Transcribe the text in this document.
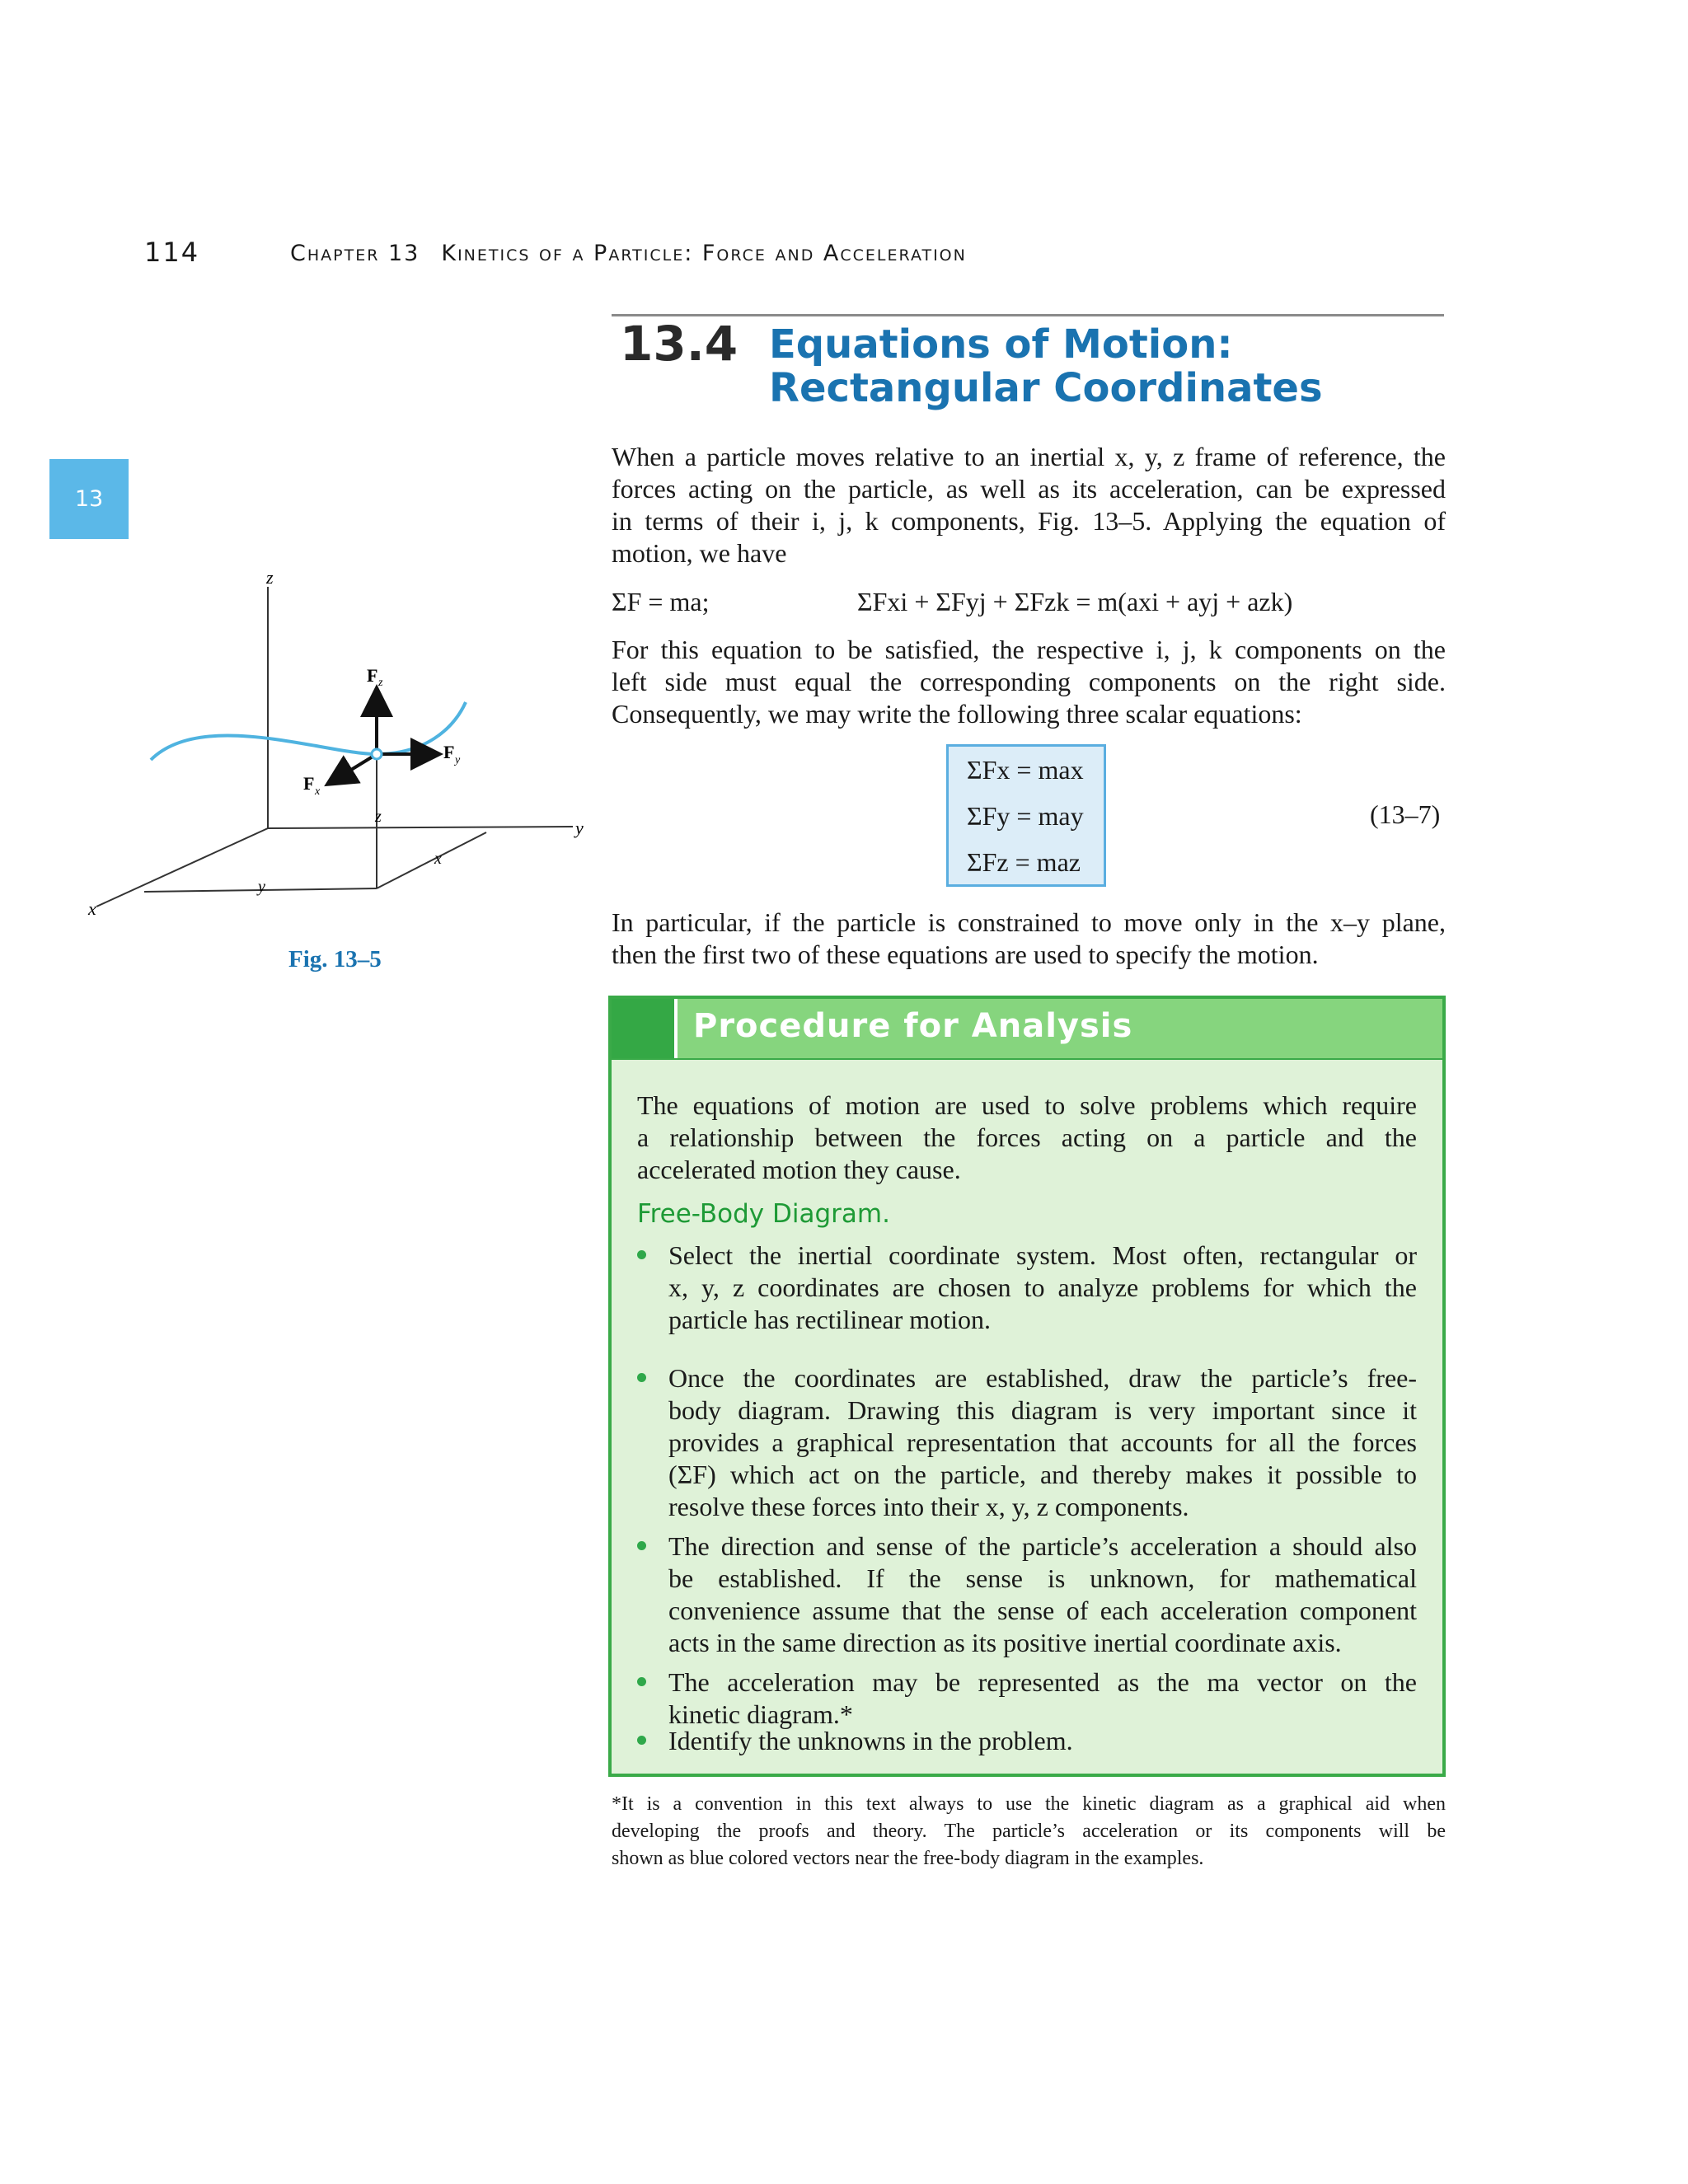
114	Chapter 13 Kinetics of a Particle: Force and Acceleration
13
13.4 Equations of Motion: Rectangular Coordinates
When a particle moves relative to an inertial x, y, z frame of reference, the
forces acting on the particle, as well as its acceleration, can be expressed
in terms of their i, j, k components, Fig. 13–5. Applying the equation of
motion, we have
ΣF = ma;	ΣFxi + ΣFyj + ΣFzk = m(axi + ayj + azk)
For this equation to be satisfied, the respective i, j, k components on the
left side must equal the corresponding components on the right side.
Consequently, we may write the following three scalar equations:
ΣFx = max
ΣFy = may
ΣFz = maz
(13–7)
In particular, if the particle is constrained to move only in the x–y plane,
then the first two of these equations are used to specify the motion.
z
y
x
z
y
x
F z
F y
F x
Fig. 13–5
Procedure for Analysis
The equations of motion are used to solve problems which require
a relationship between the forces acting on a particle and the
accelerated motion they cause.
Free-Body Diagram.
Select the inertial coordinate system. Most often, rectangular or
x, y, z coordinates are chosen to analyze problems for which the
particle has rectilinear motion.
Once the coordinates are established, draw the particle’s free-
body diagram. Drawing this diagram is very important since it
provides a graphical representation that accounts for all the forces
(ΣF) which act on the particle, and thereby makes it possible to
resolve these forces into their x, y, z components.
The direction and sense of the particle’s acceleration a should also
be established. If the sense is unknown, for mathematical
convenience assume that the sense of each acceleration component
acts in the same direction as its positive inertial coordinate axis.
The acceleration may be represented as the ma vector on the
kinetic diagram.*
Identify the unknowns in the problem.
*It is a convention in this text always to use the kinetic diagram as a graphical aid when
developing the proofs and theory. The particle’s acceleration or its components will be
shown as blue colored vectors near the free-body diagram in the examples.
